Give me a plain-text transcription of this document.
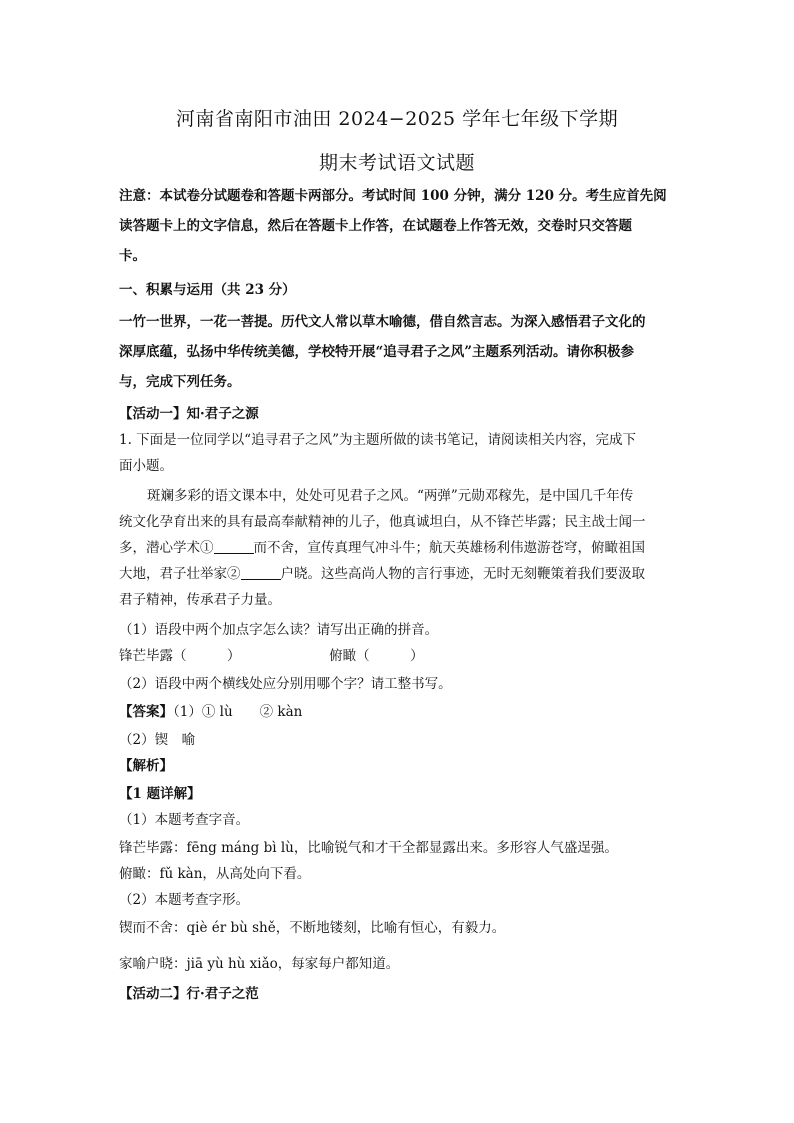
河南省南阳市油田 2024−2025 学年七年级下学期
期末考试语文试题
注意：本试卷分试题卷和答题卡两部分。考试时间 100 分钟，满分 120 分。考生应首先阅
读答题卡上的文字信息，然后在答题卡上作答，在试题卷上作答无效，交卷时只交答题
卡。
一、积累与运用（共 23 分）
一竹一世界，一花一菩提。历代文人常以草木喻德，借自然言志。为深入感悟君子文化的
深厚底蕴，弘扬中华传统美德，学校特开展“追寻君子之风”主题系列活动。请你积极参
与，完成下列任务。
【活动一】知·君子之源
1. 下面是一位同学以“追寻君子之风”为主题所做的读书笔记，请阅读相关内容，完成下
面小题。
斑斓多彩的语文课本中，处处可见君子之风。“两弹”元勋邓稼先，是中国几千年传
统文化孕育出来的具有最高奉献精神的儿子，他真诚坦白，从不锋芒毕露；民主战士闻一
多，潜心学术①	而不舍，宣传真理气冲斗牛；航天英雄杨利伟遨游苍穹，俯瞰祖国
大地，君子壮举家②	户晓。这些高尚人物的言行事迹，无时无刻鞭策着我们要汲取
君子精神，传承君子力量。
（1）语段中两个加点字怎么读？请写出正确的拼音。
锋芒毕露（　　　）	俯瞰（　　　）
（2）语段中两个横线处应分别用哪个字？请工整书写。
【答案】（1）① lù　　② kàn
（2）锲　喻
【解析】
【1 题详解】
（1）本题考查字音。
锋芒毕露：fēng máng bì lù，比喻锐气和才干全都显露出来。多形容人气盛逞强。
俯瞰：fǔ kàn，从高处向下看。
（2）本题考查字形。
锲而不舍：qiè ér bù shě，不断地镂刻，比喻有恒心，有毅力。
家喻户晓：jiā yù hù xiǎo，每家每户都知道。
【活动二】行·君子之范
